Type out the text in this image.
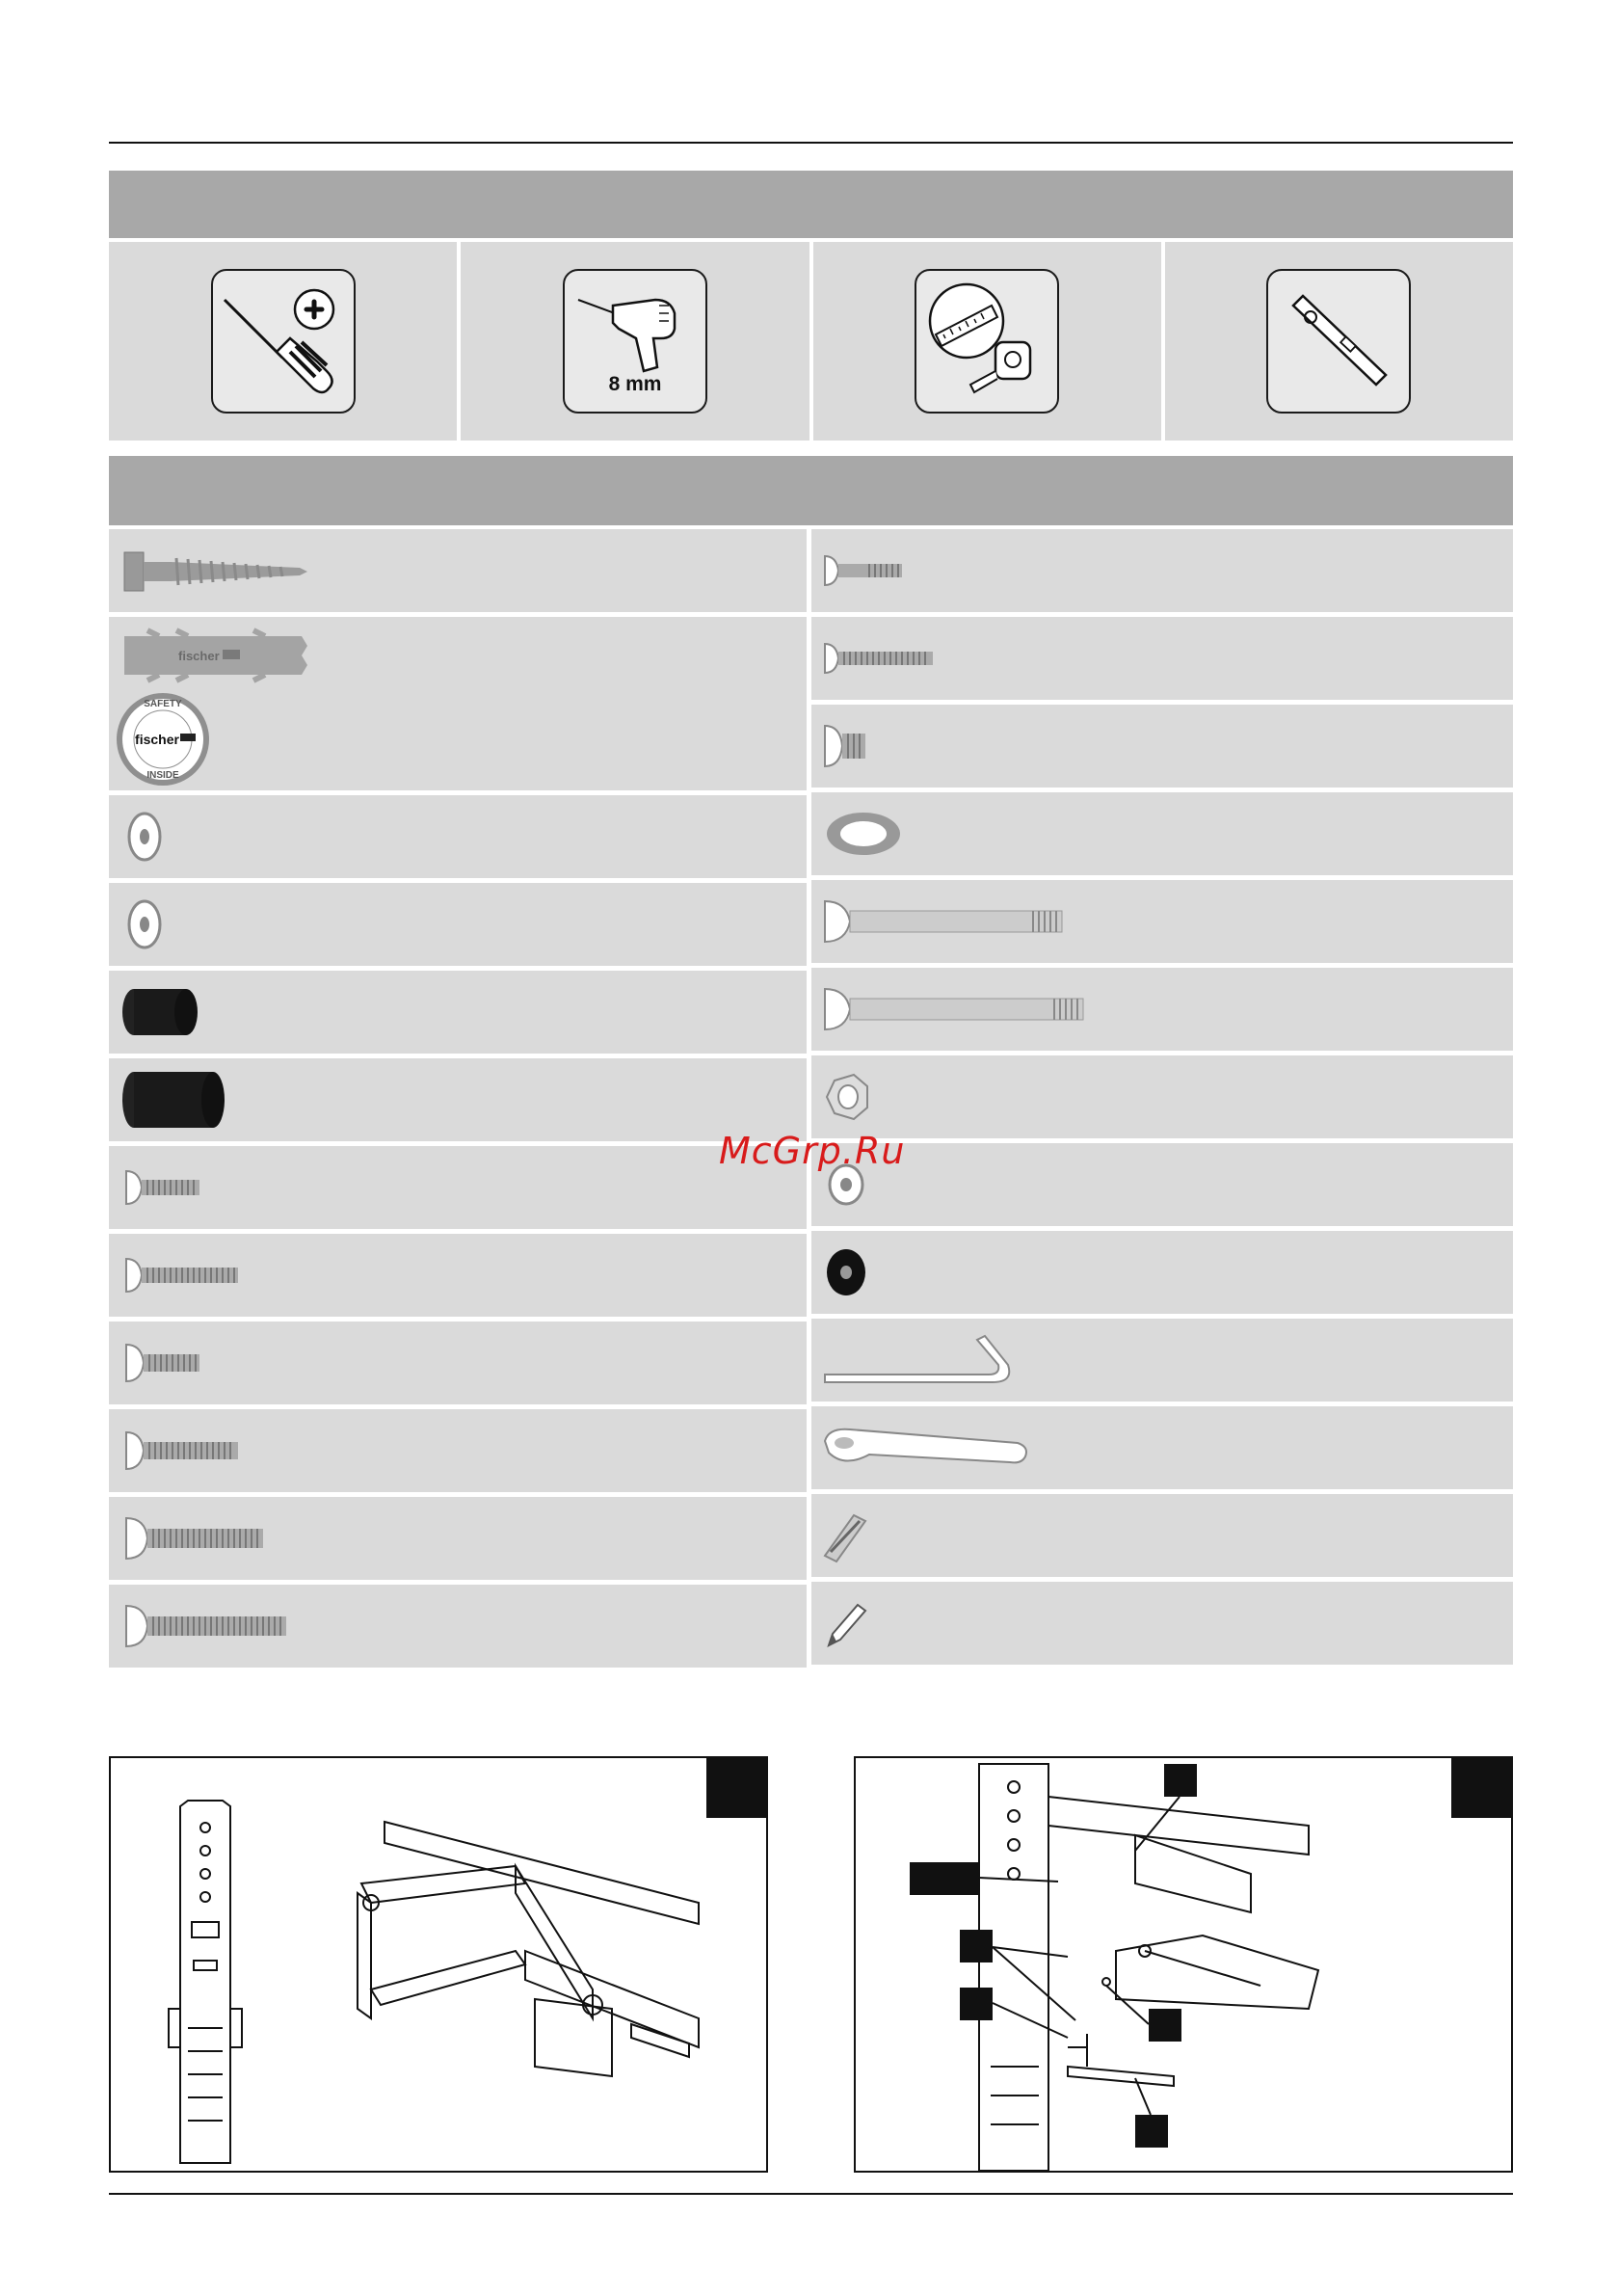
8 mm
fischer
SAFETY
fischer
INSIDE
McGrp.Ru
